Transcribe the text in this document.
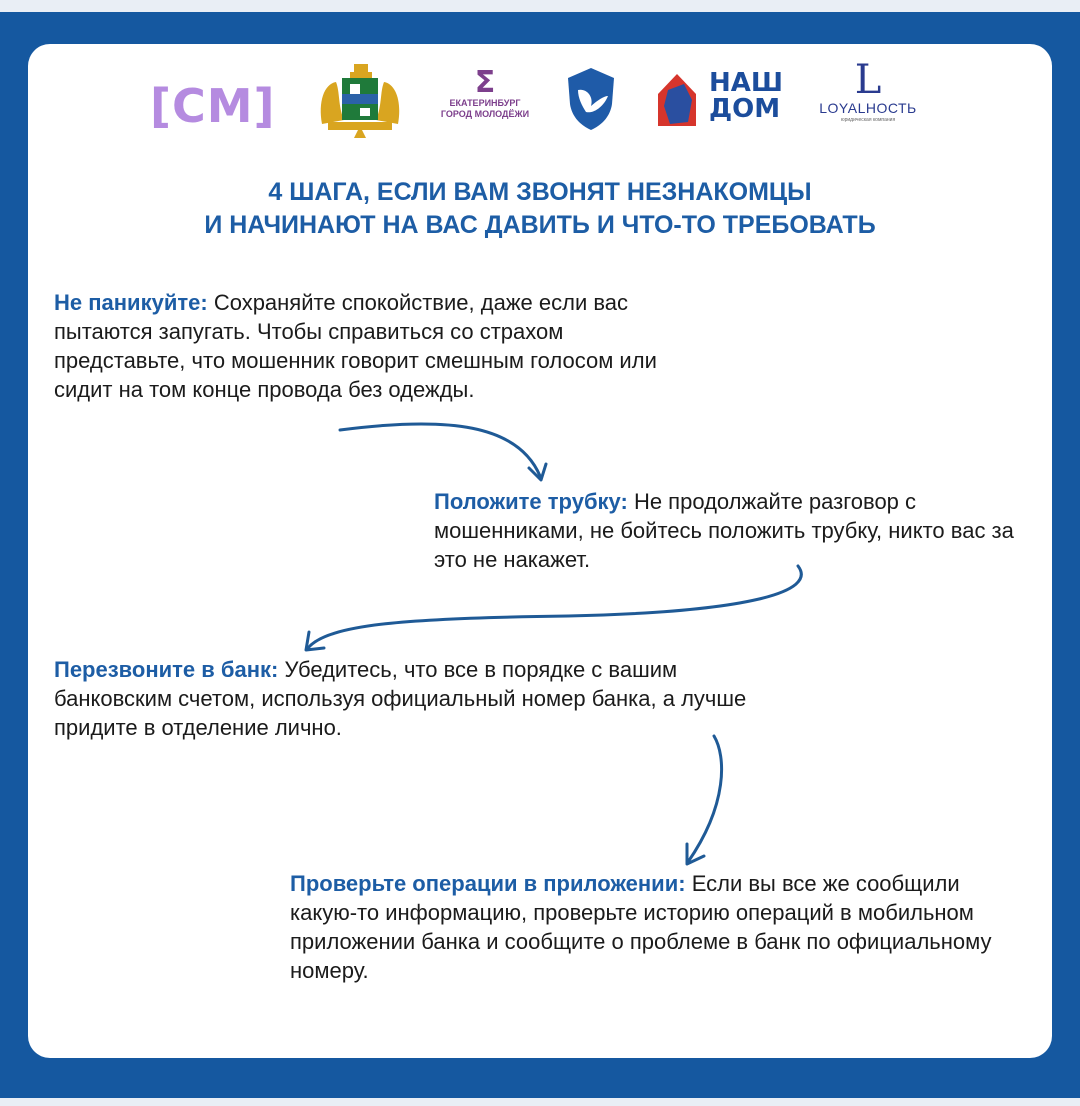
[СМ]	Ʃ
ЕКАТЕРИНБУРГ
ГОРОД МОЛОДЁЖИ
НАШ
ДОМ
L
LOYALНОСТЬ
юридическая компания
4 ШАГА, ЕСЛИ ВАМ ЗВОНЯТ НЕЗНАКОМЦЫ
И НАЧИНАЮТ НА ВАС ДАВИТЬ И ЧТО-ТО ТРЕБОВАТЬ
Не паникуйте: Сохраняйте спокойствие, даже если вас пытаются запугать. Чтобы справиться со страхом представьте, что мошенник говорит смешным голосом или сидит на том конце провода без одежды.
Положите трубку: Не продолжайте разговор с мошенниками, не бойтесь положить трубку, никто вас за это не накажет.
Перезвоните в банк: Убедитесь, что все в порядке с вашим банковским счетом, используя официальный номер банка, а лучше придите в отделение лично.
Проверьте операции в приложении: Если вы все же сообщили какую-то информацию, проверьте историю операций в мобильном приложении банка и сообщите о проблеме в банк по официальному номеру.
